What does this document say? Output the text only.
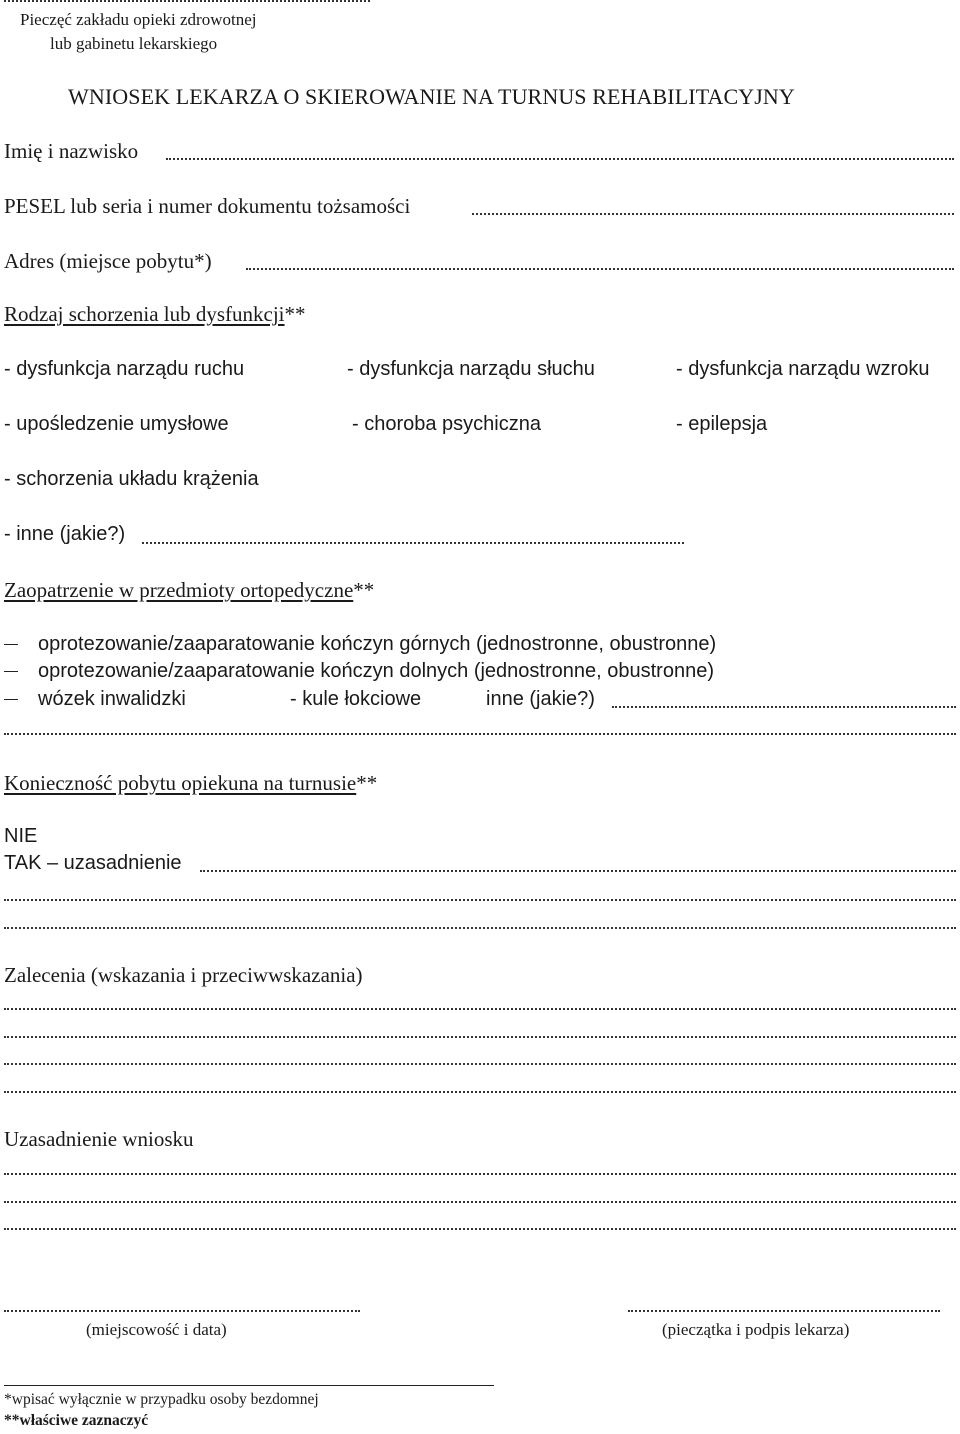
Pieczęć zakładu opieki zdrowotnej
lub gabinetu lekarskiego
WNIOSEK LEKARZA O SKIEROWANIE NA TURNUS REHABILITACYJNY
Imię i nazwisko
PESEL lub seria i numer dokumentu tożsamości
Adres (miejsce pobytu*)
Rodzaj schorzenia lub dysfunkcji**
- dysfunkcja narządu ruchu	- dysfunkcja narządu słuchu	- dysfunkcja narządu wzroku
- upośledzenie umysłowe	- choroba psychiczna	- epilepsja
- schorzenia układu krążenia
- inne (jakie?)
Zaopatrzenie w przedmioty ortopedyczne**
oprotezowanie/zaaparatowanie kończyn górnych (jednostronne, obustronne)
oprotezowanie/zaaparatowanie kończyn dolnych (jednostronne, obustronne)
wózek inwalidzki	- kule łokciowe	inne (jakie?)
Konieczność pobytu opiekuna na turnusie**
NIE
TAK – uzasadnienie
Zalecenia (wskazania i przeciwwskazania)
Uzasadnienie wniosku
(miejscowość i data)	(pieczątka i podpis lekarza)
*wpisać wyłącznie w przypadku osoby bezdomnej
**właściwe zaznaczyć
